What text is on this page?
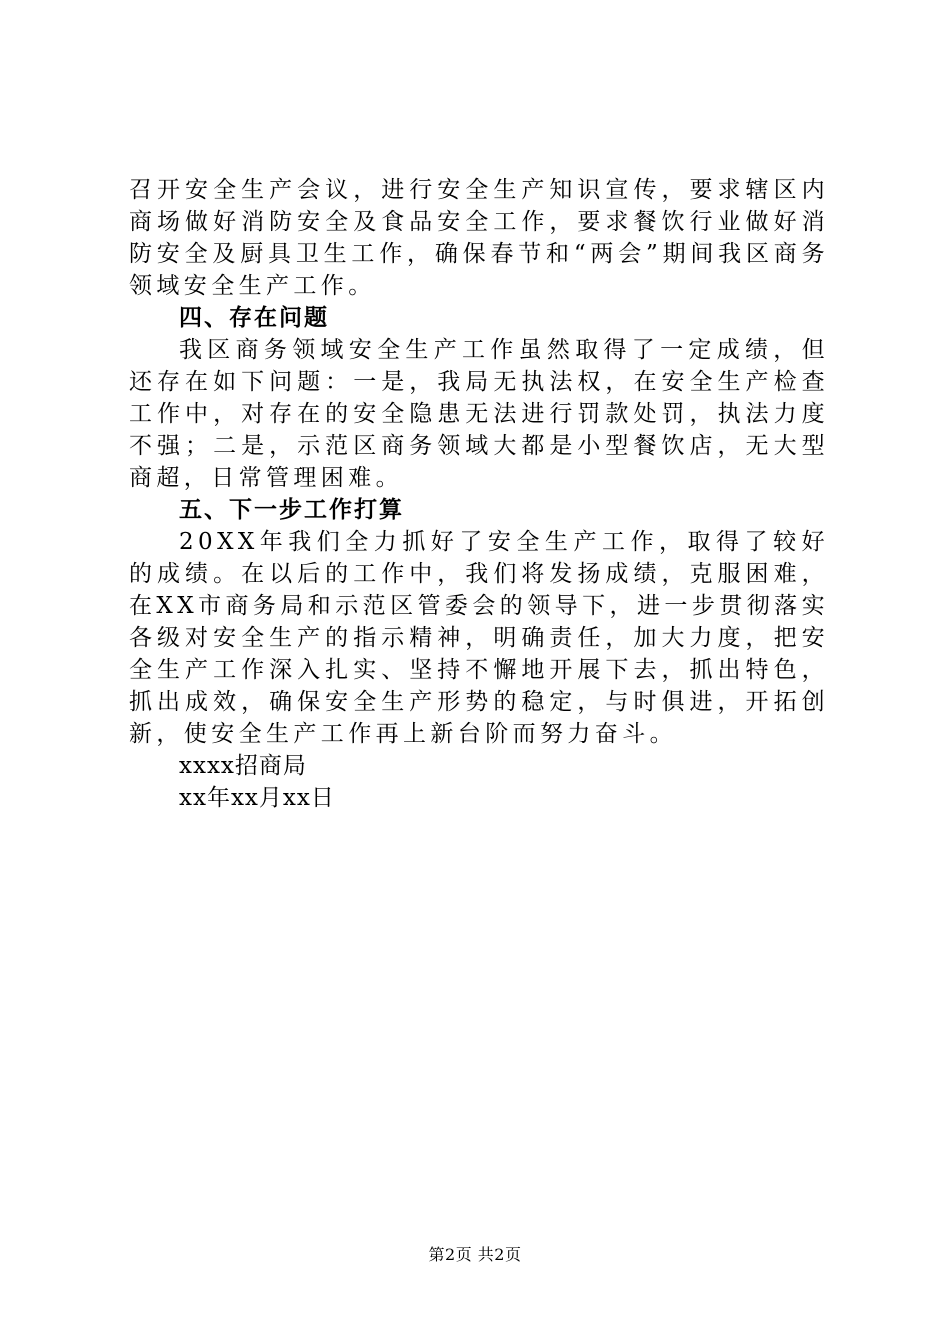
召开安全生产会议，进行安全生产知识宣传，要求辖区内商场做好消防安全及食品安全工作，要求餐饮行业做好消防安全及厨具卫生工作，确保春节和“两会”期间我区商务领域安全生产工作。

四、存在问题

我区商务领域安全生产工作虽然取得了一定成绩，但还存在如下问题：一是，我局无执法权，在安全生产检查工作中，对存在的安全隐患无法进行罚款处罚，执法力度不强；二是，示范区商务领域大都是小型餐饮店，无大型商超，日常管理困难。

五、下一步工作打算

20XX年我们全力抓好了安全生产工作，取得了较好的成绩。在以后的工作中，我们将发扬成绩，克服困难，在XX市商务局和示范区管委会的领导下，进一步贯彻落实各级对安全生产的指示精神，明确责任，加大力度，把安全生产工作深入扎实、坚持不懈地开展下去，抓出特色，抓出成效，确保安全生产形势的稳定，与时俱进，开拓创新，使安全生产工作再上新台阶而努力奋斗。

xxxx招商局

xx年xx月xx日

第2页 共2页
